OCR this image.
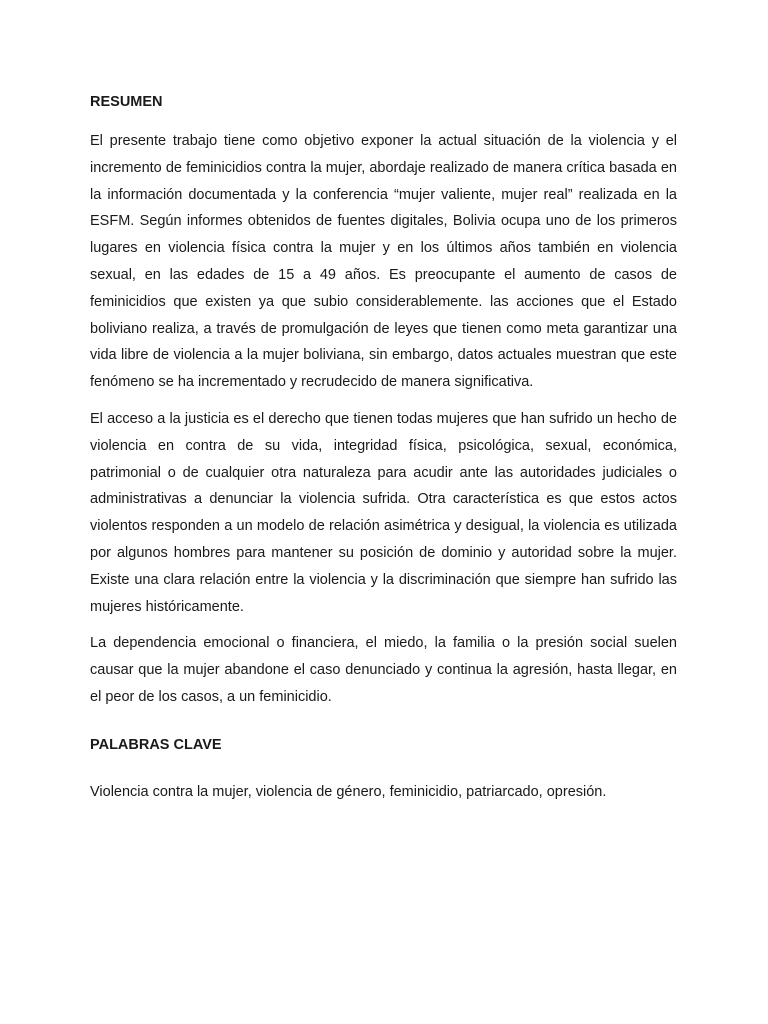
RESUMEN

El presente trabajo tiene como objetivo exponer la actual situación de la violencia y el incremento de feminicidios contra la mujer, abordaje realizado de manera crítica basada en la información documentada y la conferencia “mujer valiente, mujer real” realizada en la ESFM. Según informes obtenidos de fuentes digitales, Bolivia ocupa uno de los primeros lugares en violencia física contra la mujer y en los últimos años también en violencia sexual, en las edades de 15 a 49 años. Es preocupante el aumento de casos de feminicidios que existen ya que subio considerablemente. las acciones que el Estado boliviano realiza, a través de promulgación de leyes que tienen como meta garantizar una vida libre de violencia a la mujer boliviana, sin embargo, datos actuales muestran que este fenómeno se ha incrementado y recrudecido de manera significativa.

El acceso a la justicia es el derecho que tienen todas mujeres que han sufrido un hecho de violencia en contra de su vida, integridad física, psicológica, sexual, económica, patrimonial o de cualquier otra naturaleza para acudir ante las autoridades judiciales o administrativas a denunciar la violencia sufrida. Otra característica es que estos actos violentos responden a un modelo de relación asimétrica y desigual, la violencia es utilizada por algunos hombres para mantener su posición de dominio y autoridad sobre la mujer. Existe una clara relación entre la violencia y la discriminación que siempre han sufrido las mujeres históricamente.

La dependencia emocional o financiera, el miedo, la familia o la presión social suelen causar que la mujer abandone el caso denunciado y continua la agresión, hasta llegar, en el peor de los casos, a un feminicidio.

PALABRAS CLAVE

Violencia contra la mujer, violencia de género, feminicidio, patriarcado, opresión.
